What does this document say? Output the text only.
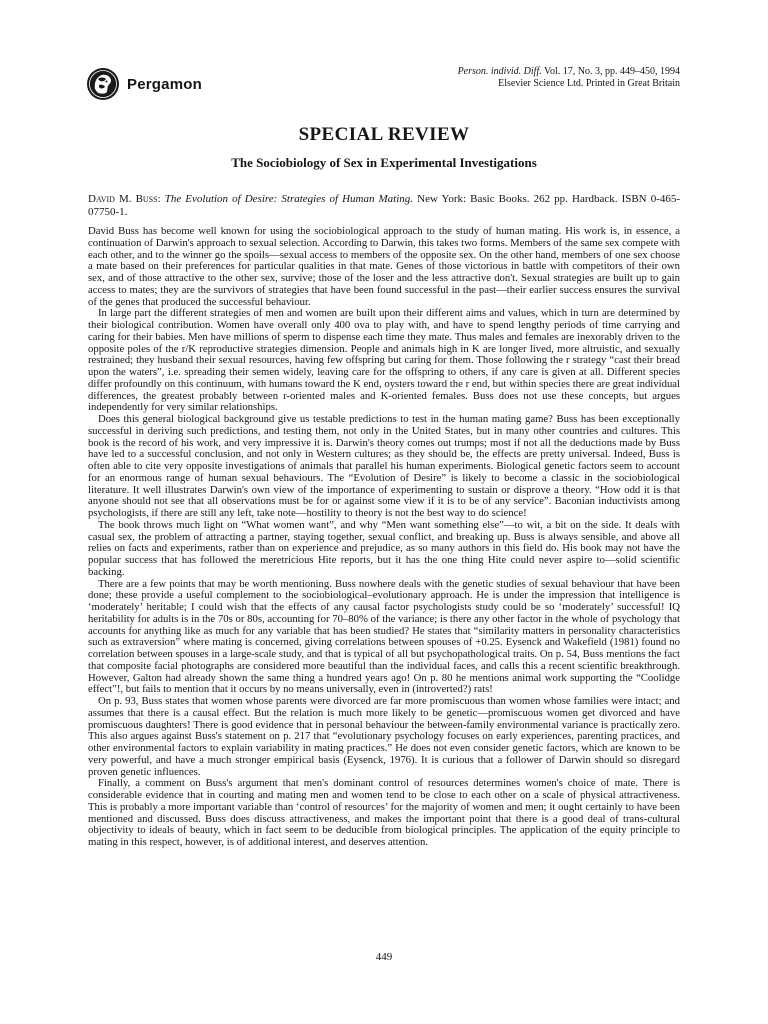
Pergamon
Person. individ. Diff. Vol. 17, No. 3, pp. 449–450, 1994
Elsevier Science Ltd. Printed in Great Britain
SPECIAL REVIEW
The Sociobiology of Sex in Experimental Investigations
David M. Buss: The Evolution of Desire: Strategies of Human Mating. New York: Basic Books. 262 pp. Hardback. ISBN 0-465-07750-1.

David Buss has become well known for using the sociobiological approach to the study of human mating. His work is, in essence, a continuation of Darwin's approach to sexual selection. According to Darwin, this takes two forms. Members of the same sex compete with each other, and to the winner go the spoils—sexual access to members of the opposite sex. On the other hand, members of one sex choose a mate based on their preferences for particular qualities in that mate. Genes of those victorious in battle with competitors of their own sex, and of those attractive to the other sex, survive; those of the loser and the less attractive don't. Sexual strategies are built up to gain access to mates; they are the survivors of strategies that have been found successful in the past—their earlier success ensures the survival of the genes that produced the successful behaviour.

In large part the different strategies of men and women are built upon their different aims and values, which in turn are determined by their biological contribution. Women have overall only 400 ova to play with, and have to spend lengthy periods of time carrying and caring for their babies. Men have millions of sperm to dispense each time they mate. Thus males and females are inexorably driven to the opposite poles of the r/K reproductive strategies dimension. People and animals high in K are longer lived, more altruistic, and sexually restrained; they husband their sexual resources, having few offspring but caring for them. Those following the r strategy “cast their bread upon the waters”, i.e. spreading their semen widely, leaving care for the offspring to others, if any care is given at all. Different species differ profoundly on this continuum, with humans toward the K end, oysters toward the r end, but within species there are great individual differences, the greatest probably between r-oriented males and K-oriented females. Buss does not use these concepts, but argues independently for very similar relationships.

Does this general biological background give us testable predictions to test in the human mating game? Buss has been exceptionally successful in deriving such predictions, and testing them, not only in the United States, but in many other countries and cultures. This book is the record of his work, and very impressive it is. Darwin's theory comes out trumps; most if not all the deductions made by Buss have led to a successful conclusion, and not only in Western cultures; as they should be, the effects are pretty universal. Indeed, Buss is often able to cite very opposite investigations of animals that parallel his human experiments. Biological genetic factors seem to account for an enormous range of human sexual behaviours. The “Evolution of Desire” is likely to become a classic in the sociobiological literature. It well illustrates Darwin's own view of the importance of experimenting to sustain or disprove a theory. “How odd it is that anyone should not see that all observations must be for or against some view if it is to be of any service”. Baconian inductivists among psychologists, if there are still any left, take note—hostility to theory is not the best way to do science!

The book throws much light on “What women want”, and why “Men want something else”—to wit, a bit on the side. It deals with casual sex, the problem of attracting a partner, staying together, sexual conflict, and breaking up. Buss is always sensible, and above all relies on facts and experiments, rather than on experience and prejudice, as so many authors in this field do. His book may not have the popular success that has followed the meretricious Hite reports, but it has the one thing Hite could never aspire to—solid scientific backing.

There are a few points that may be worth mentioning. Buss nowhere deals with the genetic studies of sexual behaviour that have been done; these provide a useful complement to the sociobiological–evolutionary approach. He is under the impression that intelligence is ‘moderately’ heritable; I could wish that the effects of any causal factor psychologists study could be so ‘moderately’ successful! IQ heritability for adults is in the 70s or 80s, accounting for 70–80% of the variance; is there any other factor in the whole of psychology that accounts for anything like as much for any variable that has been studied? He states that “similarity matters in personality characteristics such as extraversion” where mating is concerned, giving correlations between spouses of +0.25. Eysenck and Wakefield (1981) found no correlation between spouses in a large-scale study, and that is typical of all but psychopathological traits. On p. 54, Buss mentions the fact that composite facial photographs are considered more beautiful than the individual faces, and calls this a recent scientific breakthrough. However, Galton had already shown the same thing a hundred years ago! On p. 80 he mentions animal work supporting the “Coolidge effect”!, but fails to mention that it occurs by no means universally, even in (introverted?) rats!

On p. 93, Buss states that women whose parents were divorced are far more promiscuous than women whose families were intact; and assumes that there is a causal effect. But the relation is much more likely to be genetic—promiscuous women get divorced and have promiscuous daughters! There is good evidence that in personal behaviour the between-family environmental variance is practically zero. This also argues against Buss's statement on p. 217 that “evolutionary psychology focuses on early experiences, parenting practices, and other environmental factors to explain variability in mating practices.” He does not even consider genetic factors, which are known to be very powerful, and have a much stronger empirical basis (Eysenck, 1976). It is curious that a follower of Darwin should so disregard proven genetic influences.

Finally, a comment on Buss's argument that men's dominant control of resources determines women's choice of mate. There is considerable evidence that in courting and mating men and women tend to be close to each other on a scale of physical attractiveness. This is probably a more important variable than ‘control of resources’ for the majority of women and men; it ought certainly to have been mentioned and discussed. Buss does discuss attractiveness, and makes the important point that there is a good deal of trans-cultural objectivity to ideals of beauty, which in fact seem to be deducible from biological principles. The application of the equity principle to mating in this respect, however, is of additional interest, and deserves attention.

449
